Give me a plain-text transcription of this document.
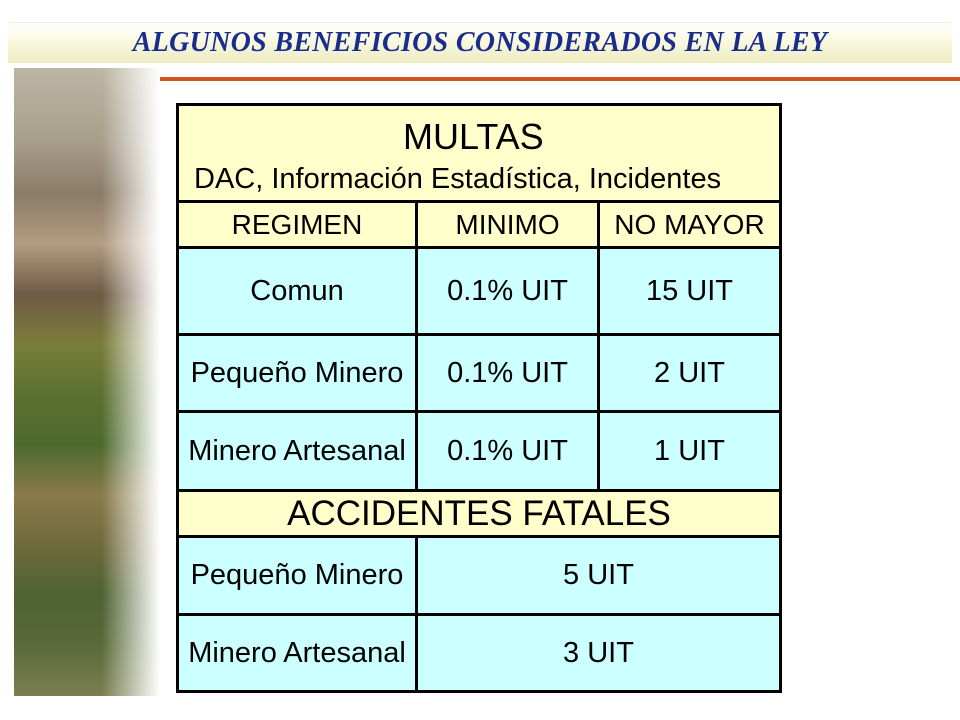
ALGUNOS BENEFICIOS CONSIDERADOS EN LA LEY
MULTAS
DAC, Información Estadística, Incidentes
REGIMEN	MINIMO	NO MAYOR
Comun	0.1% UIT	15 UIT
Pequeño Minero	0.1% UIT	2 UIT
Minero Artesanal	0.1% UIT	1 UIT
ACCIDENTES FATALES
Pequeño Minero	5 UIT
Minero Artesanal	3 UIT
